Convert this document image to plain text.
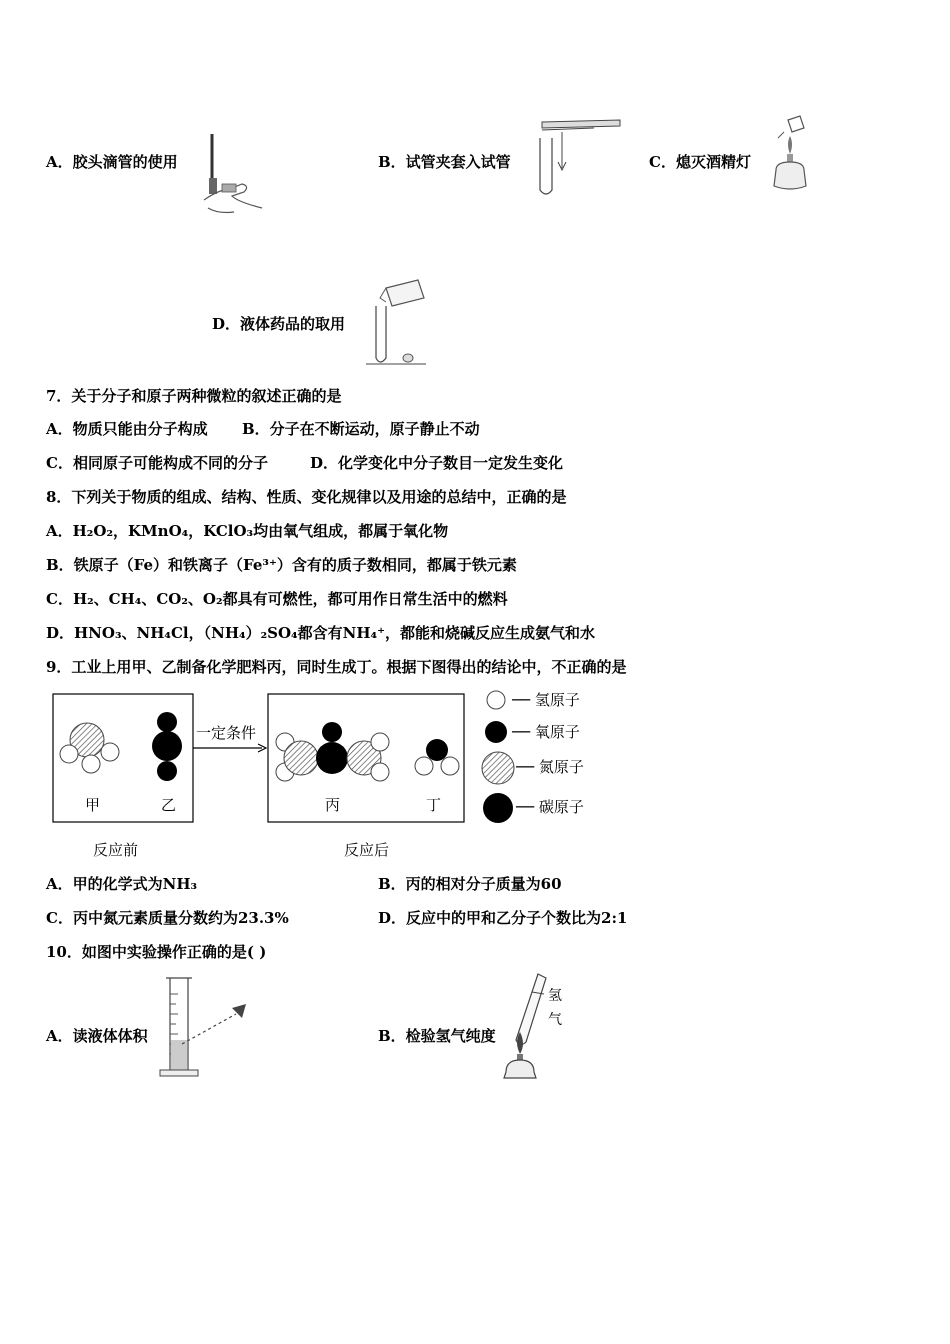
A．胶头滴管的使用	B．试管夹套入试管	C．熄灭酒精灯
D．液体药品的取用
7．关于分子和原子两种微粒的叙述正确的是
A．物质只能由分子构成 B．分子在不断运动，原子静止不动
C．相同原子可能构成不同的分子	D．化学变化中分子数目一定发生变化
8．下列关于物质的组成、结构、性质、变化规律以及用途的总结中，正确的是
A．H₂O₂，KMnO₄，KClO₃均由氧气组成，都属于氧化物
B．铁原子（Fe）和铁离子（Fe³⁺）含有的质子数相同，都属于铁元素
C．H₂、CH₄、CO₂、O₂都具有可燃性，都可用作日常生活中的燃料
D．HNO₃、NH₄Cl，（NH₄）₂SO₄都含有NH₄⁺，都能和烧碱反应生成氨气和水
9．工业上用甲、乙制备化学肥料丙，同时生成丁。根据下图得出的结论中，不正确的是
甲	乙
一定条件
丙	丁
── 氢原子
── 氧原子
── 氮原子
── 碳原子
反应前	反应后
A．甲的化学式为NH₃	B．丙的相对分子质量为60
C．丙中氮元素质量分数约为23.3%	D．反应中的甲和乙分子个数比为2:1
10．如图中实验操作正确的是( )
A．读液体体积	B．检验氢气纯度
氢
气
